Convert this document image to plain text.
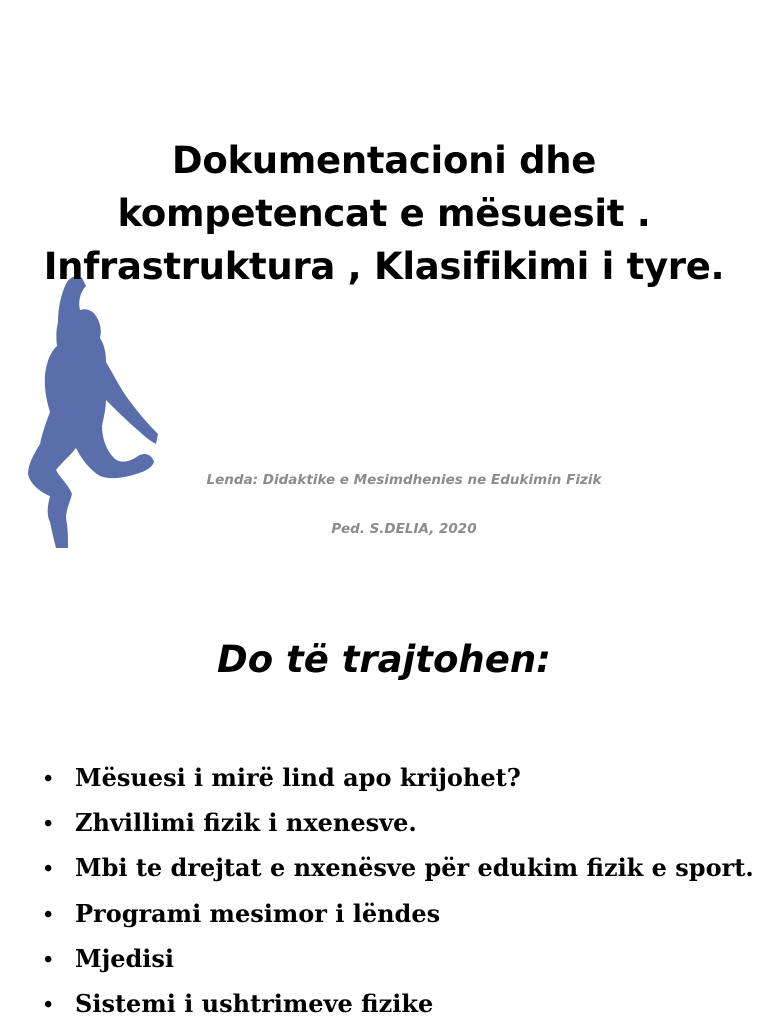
Dokumentacioni dhe
kompetencat e mësuesit .
Infrastruktura , Klasifikimi i tyre.
Lenda: Didaktike e Mesimdhenies ne Edukimin Fizik
Ped. S.DELIA, 2020
Do të trajtohen:
• Mësuesi i mirë lind apo krijohet?
• Zhvillimi fizik i nxenesve.
• Mbi te drejtat e nxenësve për edukim fizik e sport.
• Programi mesimor i lëndes
• Mjedisi
• Sistemi i ushtrimeve fizike
